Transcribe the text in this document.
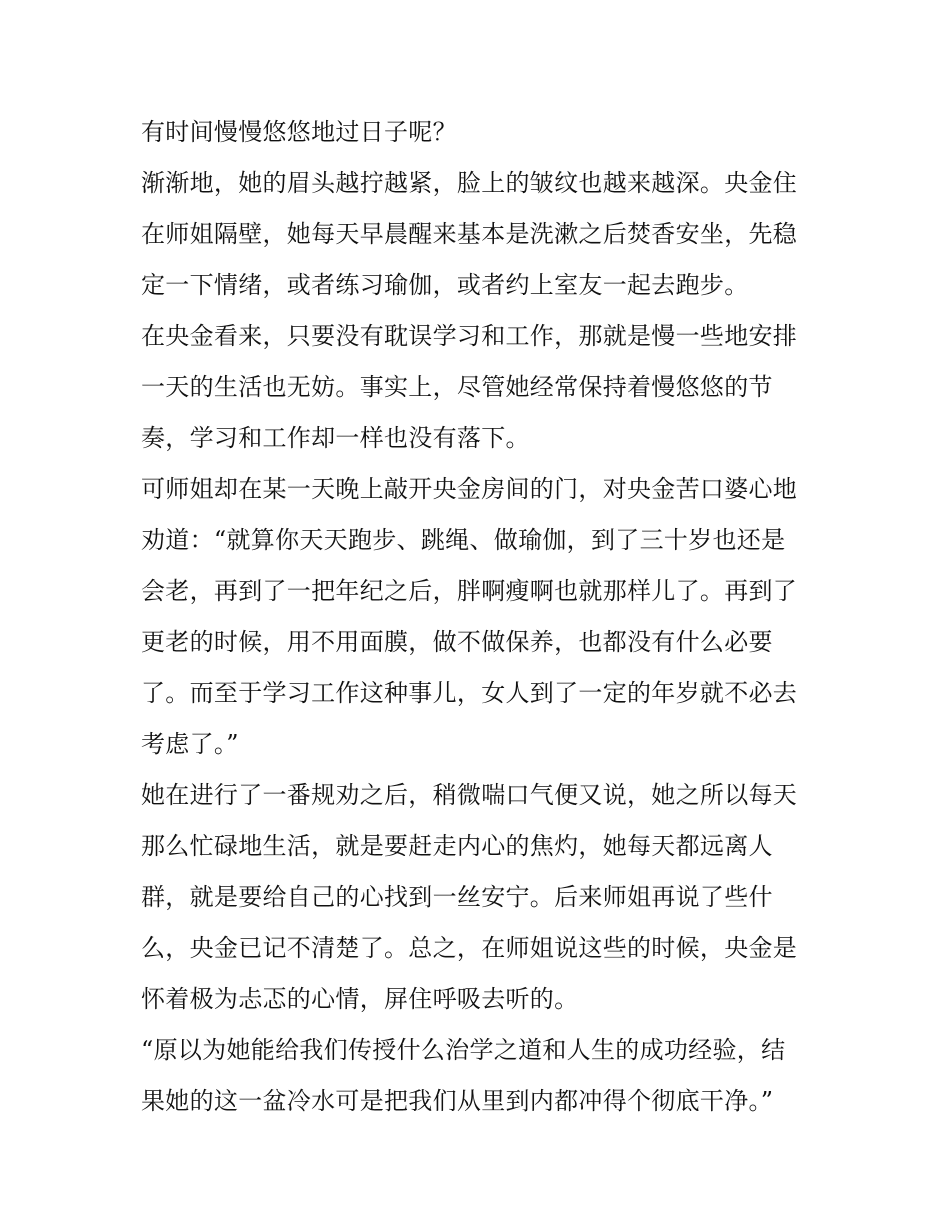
有时间慢慢悠悠地过日子呢？
渐渐地，她的眉头越拧越紧，脸上的皱纹也越来越深。央金住
在师姐隔壁，她每天早晨醒来基本是洗漱之后焚香安坐，先稳
定一下情绪，或者练习瑜伽，或者约上室友一起去跑步。
在央金看来，只要没有耽误学习和工作，那就是慢一些地安排
一天的生活也无妨。事实上，尽管她经常保持着慢悠悠的节
奏，学习和工作却一样也没有落下。
可师姐却在某一天晚上敲开央金房间的门，对央金苦口婆心地
劝道：“就算你天天跑步、跳绳、做瑜伽，到了三十岁也还是
会老，再到了一把年纪之后，胖啊瘦啊也就那样儿了。再到了
更老的时候，用不用面膜，做不做保养，也都没有什么必要
了。而至于学习工作这种事儿，女人到了一定的年岁就不必去
考虑了。”
她在进行了一番规劝之后，稍微喘口气便又说，她之所以每天
那么忙碌地生活，就是要赶走内心的焦灼，她每天都远离人
群，就是要给自己的心找到一丝安宁。后来师姐再说了些什
么，央金已记不清楚了。总之，在师姐说这些的时候，央金是
怀着极为忐忑的心情，屏住呼吸去听的。
“原以为她能给我们传授什么治学之道和人生的成功经验，结
果她的这一盆冷水可是把我们从里到内都冲得个彻底干净。”
